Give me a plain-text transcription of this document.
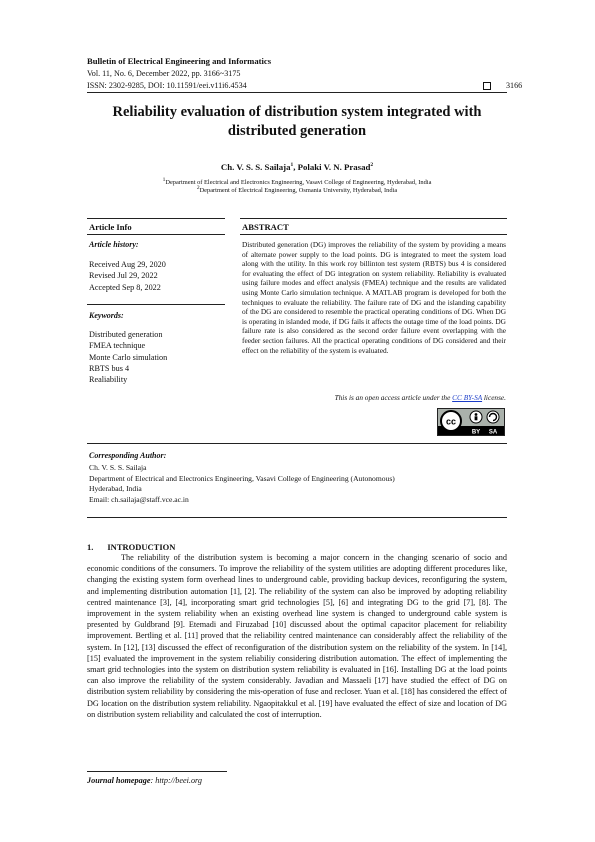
Bulletin of Electrical Engineering and Informatics
Vol. 11, No. 6, December 2022, pp. 3166~3175
ISSN: 2302-9285, DOI: 10.11591/eei.v11i6.4534	3166
Reliability evaluation of distribution system integrated with
distributed generation
Ch. V. S. S. Sailaja$^1$, Polaki V. N. Prasad$^2$
$^1$Department of Electrical and Electronics Engineering, Vasavi College of Engineering, Hyderabad, India
$^2$Department of Electrical Engineering, Osmania University, Hyderabad, India
Article Info	ABSTRACT
Article history:
Received Aug 29, 2020
Revised Jul 29, 2022
Accepted Sep 8, 2022
Keywords:
Distributed generation
FMEA technique
Monte Carlo simulation
RBTS bus 4
Realiability
Distributed generation (DG) improves the reliability of the system by providing a means of alternate power supply to the load points. DG is integrated to meet the system load along with the utility. In this work roy billinton test system (RBTS) bus 4 is considered for evaluating the effect of DG integration on system reliability. Reliability is evaluated using failure modes and effect analysis (FMEA) technique and the results are validated using Monte Carlo simulation technique. A MATLAB program is developed for both the techniques to evaluate the reliability. The failure rate of DG and the islanding capability of the DG are considered to resemble the practical operating conditions of DG. When DG is operating in islanded mode, if DG fails it affects the outage time of the load points. DG failure rate is also considered as the second order failure event overlapping with the feeder section failures. All the practical operating conditions of DG considered and their effect on the reliability of the system is evaluated.
This is an open access article under the CC BY-SA license.
cc
BY SA
Corresponding Author:
Ch. V. S. S. Sailaja
Department of Electrical and Electronics Engineering, Vasavi College of Engineering (Autonomous)
Hyderabad, India
Email: ch.sailaja@staff.vce.ac.in
1. INTRODUCTION
The reliability of the distribution system is becoming a major concern in the changing scenario of socio and economic conditions of the consumers. To improve the reliability of the system utilities are adopting different procedures like, changing the existing system form overhead lines to underground cable, providing backup devices, reconfiguring the system, and implementing distribution automation [1], [2]. The reliability of the system can also be improved by adopting reliability centred maintenance [3], [4], incorporating smart grid technologies [5], [6] and integrating DG to the grid [7], [8]. The improvement in the system reliability when an existing overhead line system is changed to underground cable system is presented by Guldbrand [9]. Etemadi and Firuzabad [10] discussed about the optimal capacitor placement for reliability improvement. Bertling et al. [11] proved that the reliability centred maintenance can considerably affect the reliability of the system. In [12], [13] discussed the effect of reconfiguration of the distribution system on the reliability of the system. In [14], [15] evaluated the improvement in the system reliabiliy considering distribution automation. The effect of implementing the smart grid technologies into the system on distribution system reliability is evaluated in [16]. Installing DG at the load points can also improve the reliability of the system considerably. Javadian and Massaeli [17] have studied the effect of DG on distribution system reliability by considering the mis-operation of fuse and recloser. Yuan et al. [18] has considered the effect of DG location on the distribution system reliability. Ngaopitakkul et al. [19] have evaluated the effect of size and location of DG on distribution system reliability and calculated the cost of interruption.
Journal homepage: http://beei.org
